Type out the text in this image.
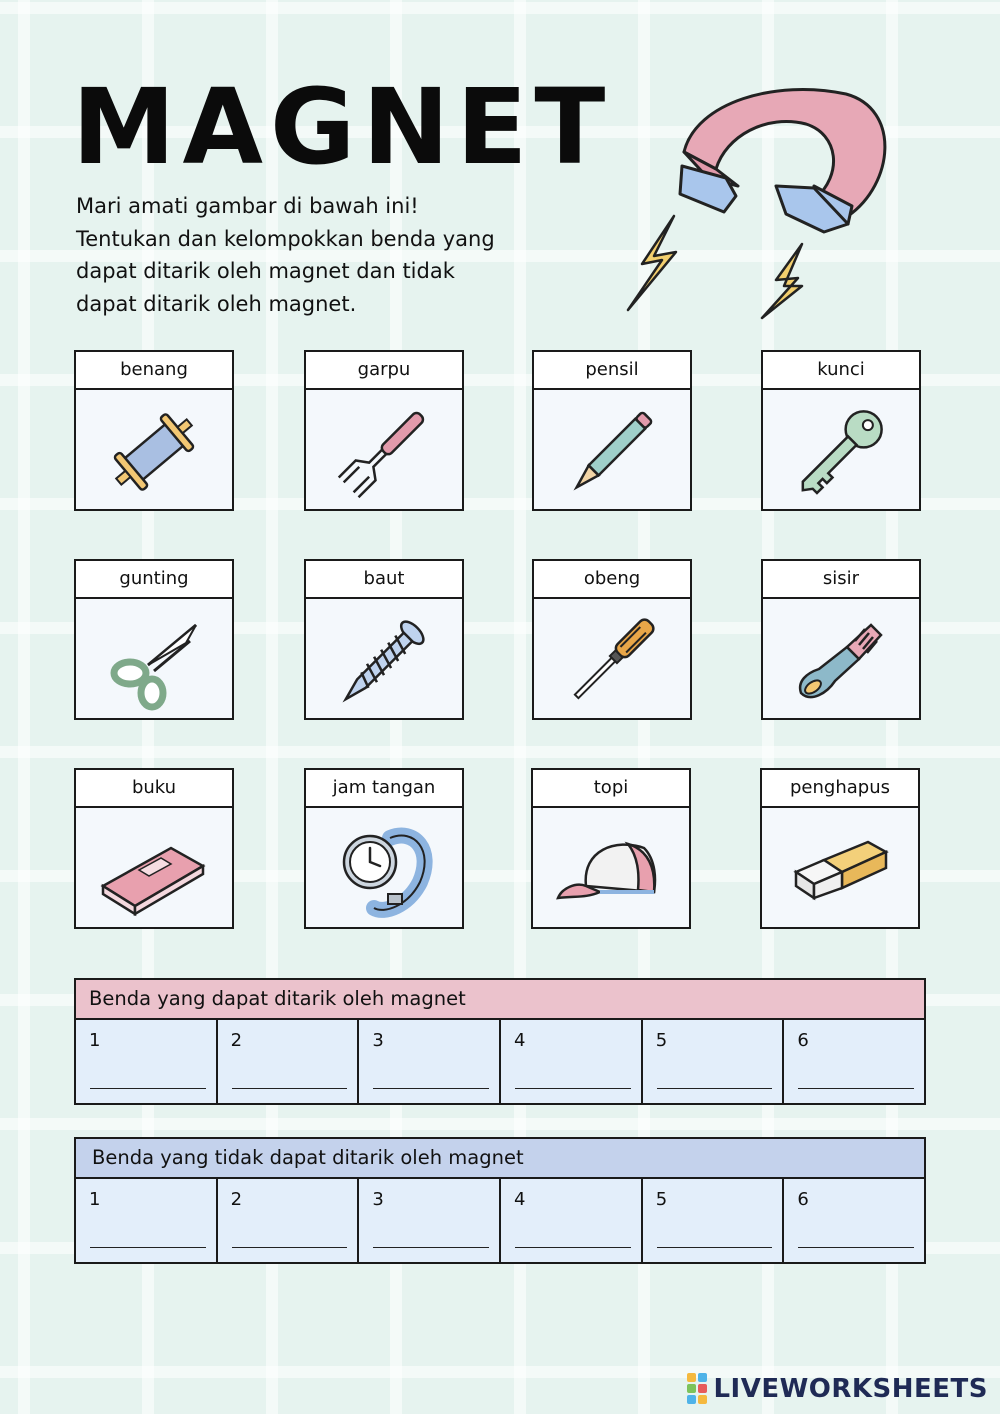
MAGNET
Mari amati gambar di bawah ini!
Tentukan dan kelompokkan benda yang
dapat ditarik oleh magnet dan tidak
dapat ditarik oleh magnet.
benang	garpu	pensil	kunci
gunting	baut	obeng	sisir
buku	jam tangan	topi	penghapus
Benda yang dapat ditarik oleh magnet
1	2	3	4	5	6
Benda yang tidak dapat ditarik oleh magnet
1	2	3	4	5	6
LIVEWORKSHEETS
